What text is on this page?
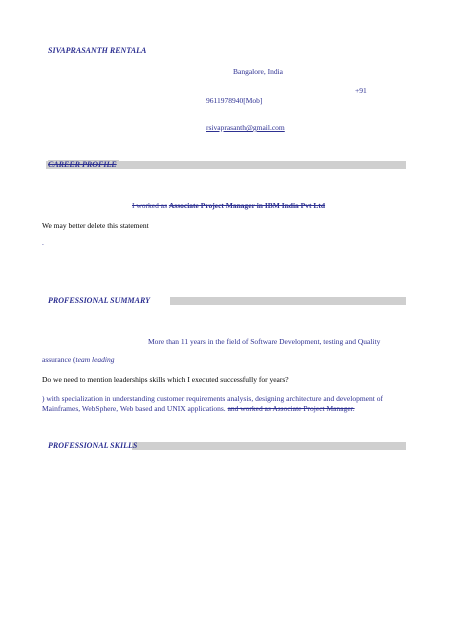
SIVAPRASANTH RENTALA
Bangalore, India
+91
9611978940[Mob]
rsivaprasanth@gmail.com
CAREER PROFILE
I worked as Associate Project Manager in IBM India Pvt Ltd
We may better delete this statement
.
PROFESSIONAL SUMMARY
More than 11 years in the field of Software Development, testing and Quality
assurance (team leading
Do we need to mention leaderships skills which I executed successfully for years?
) with specialization in understanding customer requirements analysis, designing architecture and development of Mainframes, WebSphere, Web based and UNIX applications. and worked as Associate Project Manager.
PROFESSIONAL SKILLS
